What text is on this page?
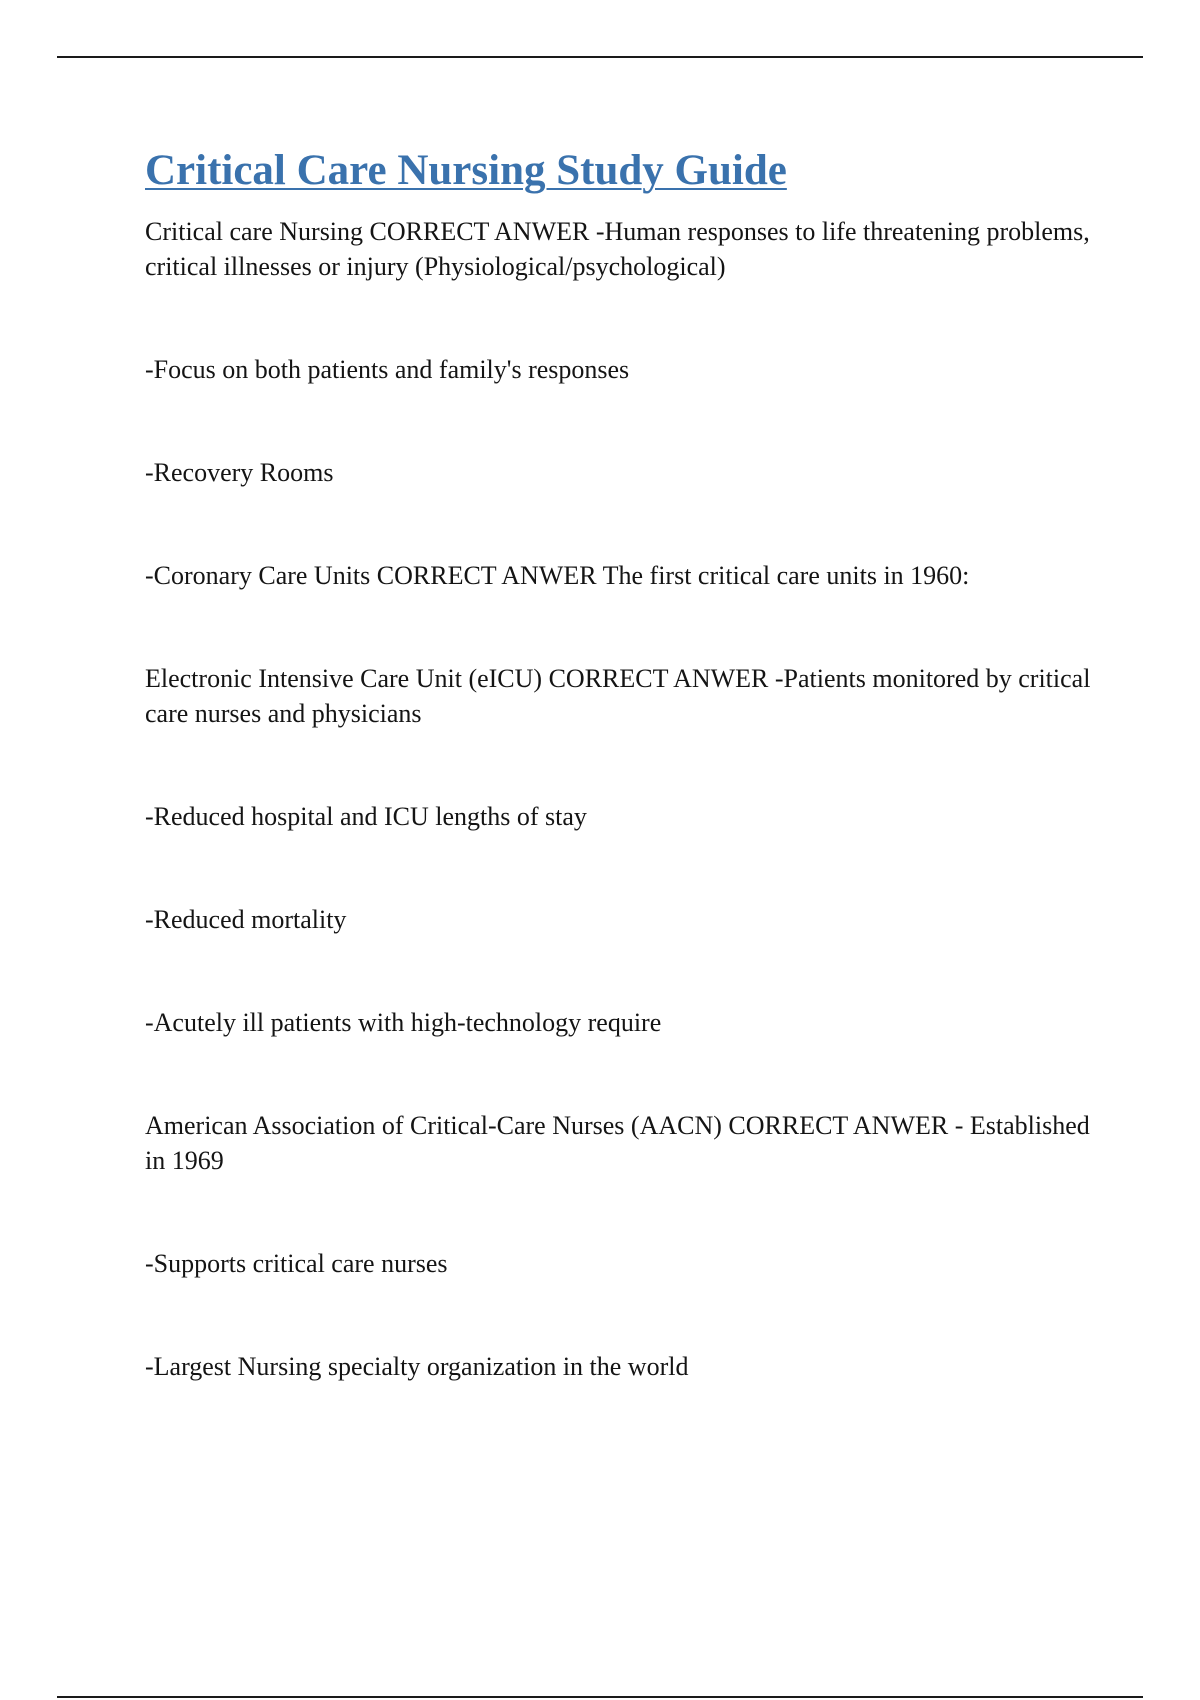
Critical Care Nursing Study Guide

Critical care Nursing CORRECT ANWER -Human responses to life threatening problems, critical illnesses or injury (Physiological/psychological)

-Focus on both patients and family's responses

-Recovery Rooms

-Coronary Care Units CORRECT ANWER The first critical care units in 1960:

Electronic Intensive Care Unit (eICU) CORRECT ANWER -Patients monitored by critical care nurses and physicians

-Reduced hospital and ICU lengths of stay

-Reduced mortality

-Acutely ill patients with high-technology require

American Association of Critical-Care Nurses (AACN) CORRECT ANWER - Established in 1969

-Supports critical care nurses

-Largest Nursing specialty organization in the world
